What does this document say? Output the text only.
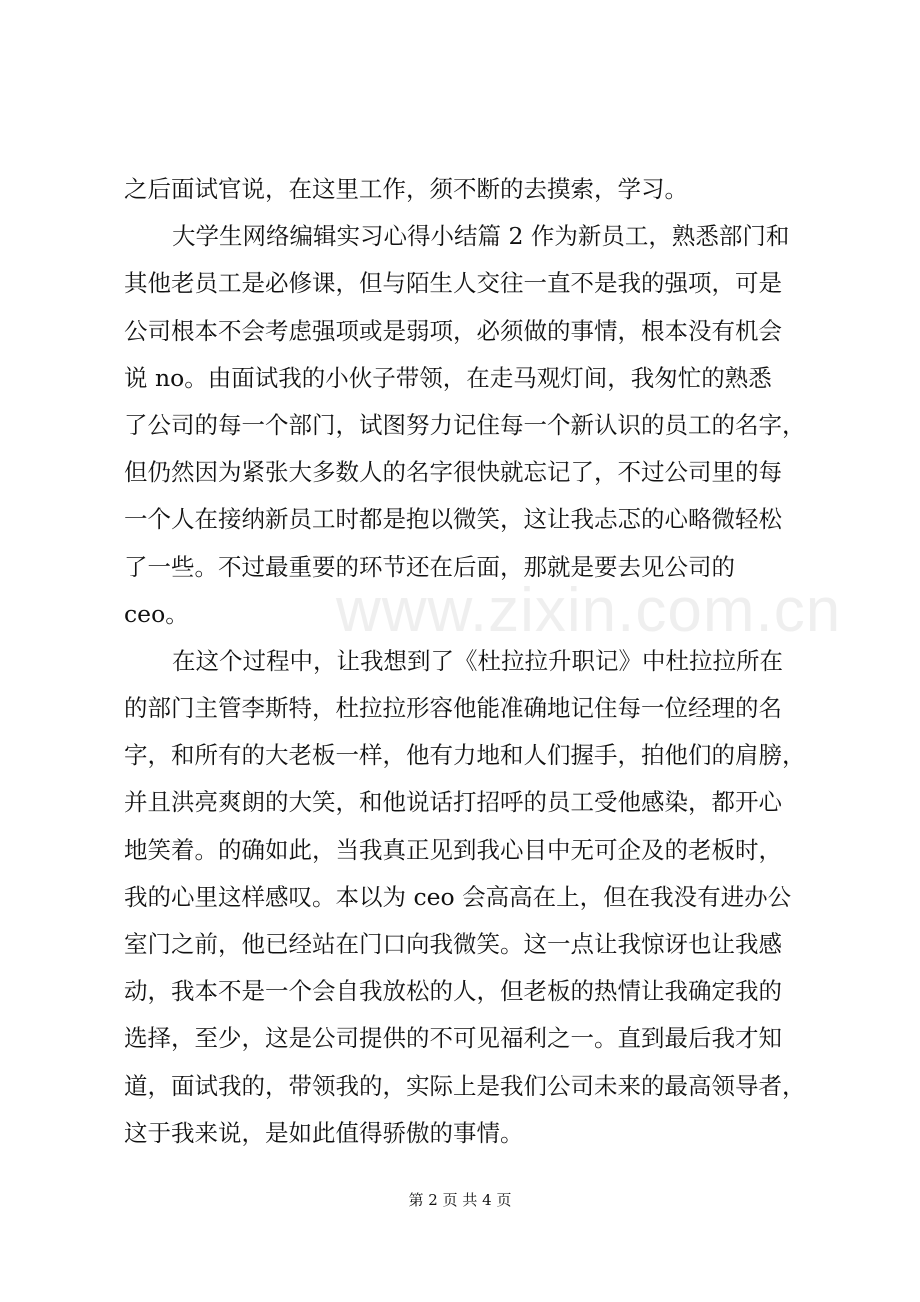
之后面试官说，在这里工作，须不断的去摸索，学习。
大学生网络编辑实习心得小结篇 2 作为新员工，熟悉部门和
其他老员工是必修课，但与陌生人交往一直不是我的强项，可是
公司根本不会考虑强项或是弱项，必须做的事情，根本没有机会
说 no。由面试我的小伙子带领，在走马观灯间，我匆忙的熟悉
了公司的每一个部门，试图努力记住每一个新认识的员工的名字，
但仍然因为紧张大多数人的名字很快就忘记了，不过公司里的每
一个人在接纳新员工时都是抱以微笑，这让我忐忑的心略微轻松
了一些。不过最重要的环节还在后面，那就是要去见公司的
ceo。
在这个过程中，让我想到了《杜拉拉升职记》中杜拉拉所在
的部门主管李斯特，杜拉拉形容他能准确地记住每一位经理的名
字，和所有的大老板一样，他有力地和人们握手，拍他们的肩膀，
并且洪亮爽朗的大笑，和他说话打招呼的员工受他感染，都开心
地笑着。的确如此，当我真正见到我心目中无可企及的老板时，
我的心里这样感叹。本以为 ceo 会高高在上，但在我没有进办公
室门之前，他已经站在门口向我微笑。这一点让我惊讶也让我感
动，我本不是一个会自我放松的人，但老板的热情让我确定我的
选择，至少，这是公司提供的不可见福利之一。直到最后我才知
道，面试我的，带领我的，实际上是我们公司未来的最高领导者，
这于我来说，是如此值得骄傲的事情。
www.zixin.com.cn
第 2 页 共 4 页
